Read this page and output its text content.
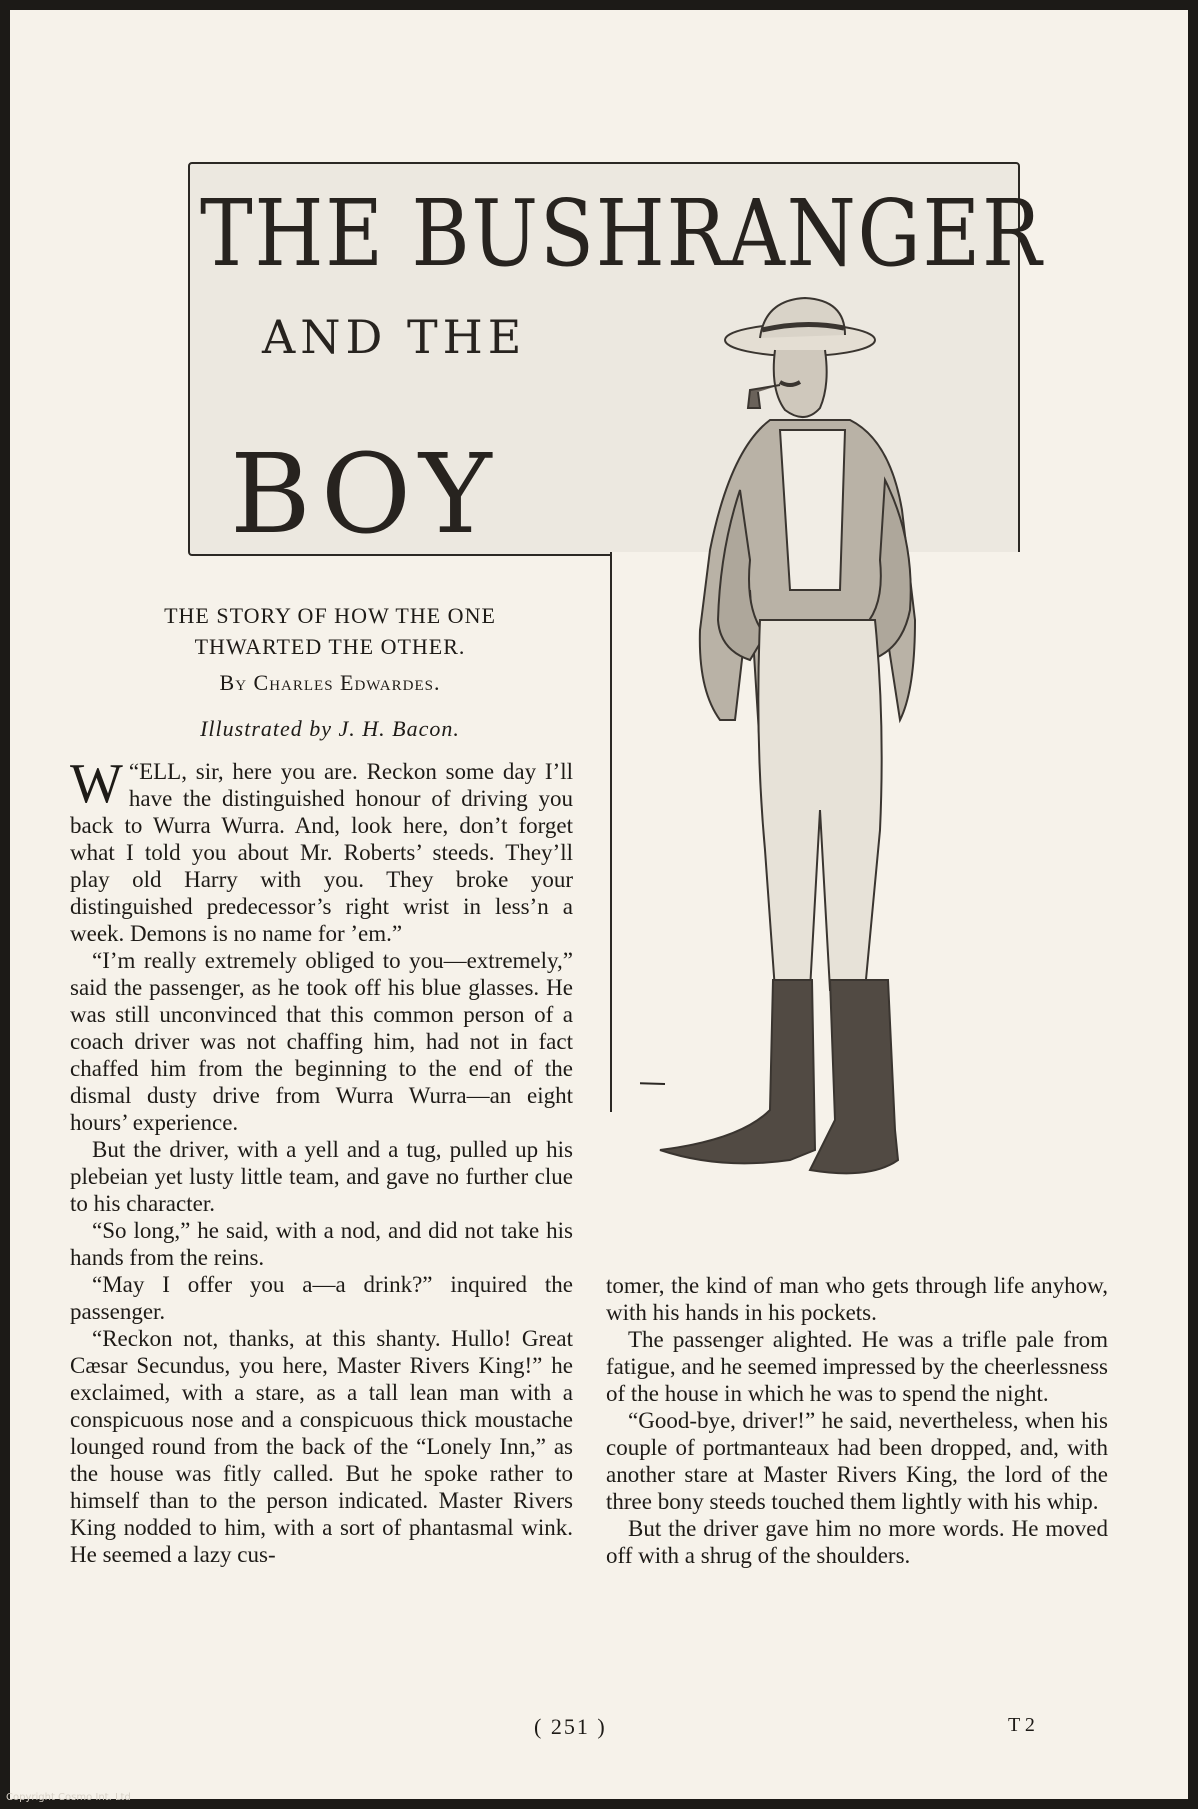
THE BUSHRANGER
AND THE
BOY
THE STORY OF HOW THE ONE THWARTED THE OTHER.
By Charles Edwardes.
Illustrated by J. H. Bacon.

W “ELL, sir, here you are. Reckon some day I’ll have the distinguished honour of driving you back to Wurra Wurra. And, look here, don’t forget what I told you about Mr. Roberts’ steeds. They’ll play old Harry with you. They broke your distinguished predecessor’s right wrist in less’n a week. Demons is no name for ’em.”

“I’m really extremely obliged to you—extremely,” said the passenger, as he took off his blue glasses. He was still unconvinced that this common person of a coach driver was not chaffing him, had not in fact chaffed him from the beginning to the end of the dismal dusty drive from Wurra Wurra—an eight hours’ experience.

But the driver, with a yell and a tug, pulled up his plebeian yet lusty little team, and gave no further clue to his character.

“So long,” he said, with a nod, and did not take his hands from the reins.

“May I offer you a—a drink?” inquired the passenger.

“Reckon not, thanks, at this shanty. Hullo! Great Cæsar Secundus, you here, Master Rivers King!” he exclaimed, with a stare, as a tall lean man with a conspicuous nose and a conspicuous thick moustache lounged round from the back of the “Lonely Inn,” as the house was fitly called. But he spoke rather to himself than to the person indicated. Master Rivers King nodded to him, with a sort of phantasmal wink. He seemed a lazy cus-

tomer, the kind of man who gets through life anyhow, with his hands in his pockets.

The passenger alighted. He was a trifle pale from fatigue, and he seemed impressed by the cheerlessness of the house in which he was to spend the night.

“Good-bye, driver!” he said, nevertheless, when his couple of portmanteaux had been dropped, and, with another stare at Master Rivers King, the lord of the three bony steeds touched them lightly with his whip.

But the driver gave him no more words. He moved off with a shrug of the shoulders.

( 251 )	T 2
Copyright Cosmo Int. Ltd
